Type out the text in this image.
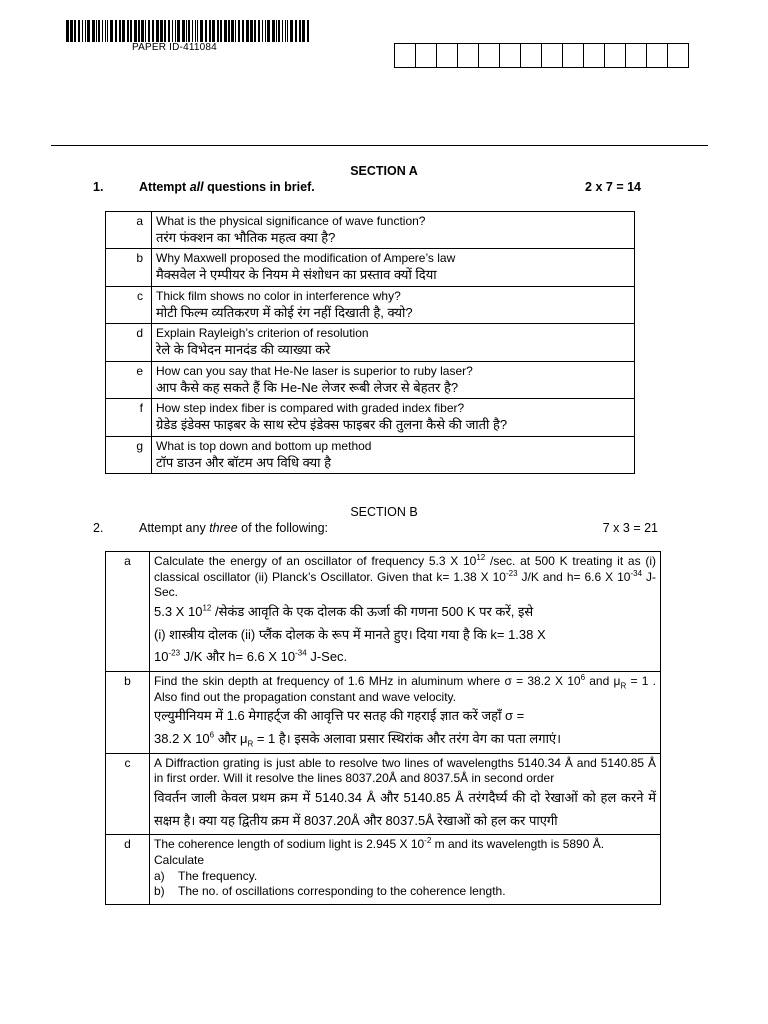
PAPER ID-411084
SECTION A
1.	Attempt all questions in brief.	2 x 7 = 14
a	What is the physical significance of wave function?
तरंग फंक्शन का भौतिक महत्व क्या है?

b	Why Maxwell proposed the modification of Ampere’s law
मैक्सवेल ने एम्पीयर के नियम मे संशोधन का प्रस्ताव क्यों दिया

c	Thick film shows no color in interference why?
मोटी फिल्म व्यतिकरण में कोई रंग नहीं दिखाती है, क्यो?

d	Explain Rayleigh’s criterion of resolution
रेले के विभेदन मानदंड की व्याख्या करे

e	How can you say that He-Ne laser is superior to ruby laser?
आप कैसे कह सकते हैं कि He-Ne लेजर रूबी लेजर से बेहतर है?

f	How step index fiber is compared with graded index fiber?
ग्रेडेड इंडेक्स फाइबर के साथ स्टेप इंडेक्स फाइबर की तुलना कैसे की जाती है?

g	What is top down and bottom up method
टॉप डाउन और बॉटम अप विधि क्या है
SECTION B
2.	Attempt any three of the following:	7 x 3 = 21
a	Calculate the energy of an oscillator of frequency 5.3 X $10^{12}$ /sec. at 500 K treating it as (i) classical oscillator (ii) Planck’s Oscillator. Given that k= 1.38 X $10^{-23}$ J/K and h= 6.6 X $10^{-34}$ J-Sec.
5.3 X $10^{12}$ /सेकंड आवृति के एक दोलक की ऊर्जा की गणना 500 K पर करें, इसे
(i) शास्त्रीय दोलक (ii) प्लैंक दोलक के रूप में मानते हुए। दिया गया है कि k= 1.38 X
$10^{-23}$ J/K और h= 6.6 X $10^{-34}$ J-Sec.

b	Find the skin depth at frequency of 1.6 MHz in aluminum where σ = 38.2 X $10^6$ and $\mu_R = 1$ . Also find out the propagation constant and wave velocity.
एल्युमीनियम में 1.6 मेगाहर्ट्ज की आवृत्ति पर सतह की गहराई ज्ञात करें जहाँ σ =
38.2 X $10^6$ और $\mu_R = 1$ है। इसके अलावा प्रसार स्थिरांक और तरंग वेग का पता लगाएं।

c	A Diffraction grating is just able to resolve two lines of wavelengths 5140.34 Å and 5140.85 Å in first order. Will it resolve the lines 8037.20Å and 8037.5Å in second order
विवर्तन जाली केवल प्रथम क्रम में 5140.34 Å और 5140.85 Å तरंगदैर्घ्य की दो रेखाओं को हल करने में सक्षम है। क्या यह द्वितीय क्रम में 8037.20Å और 8037.5Å रेखाओं को हल कर पाएगी

d	The coherence length of sodium light is 2.945 X $10^{-2}$ m and its wavelength is 5890 Å.
Calculate
a) The frequency.
b) The no. of oscillations corresponding to the coherence length.
